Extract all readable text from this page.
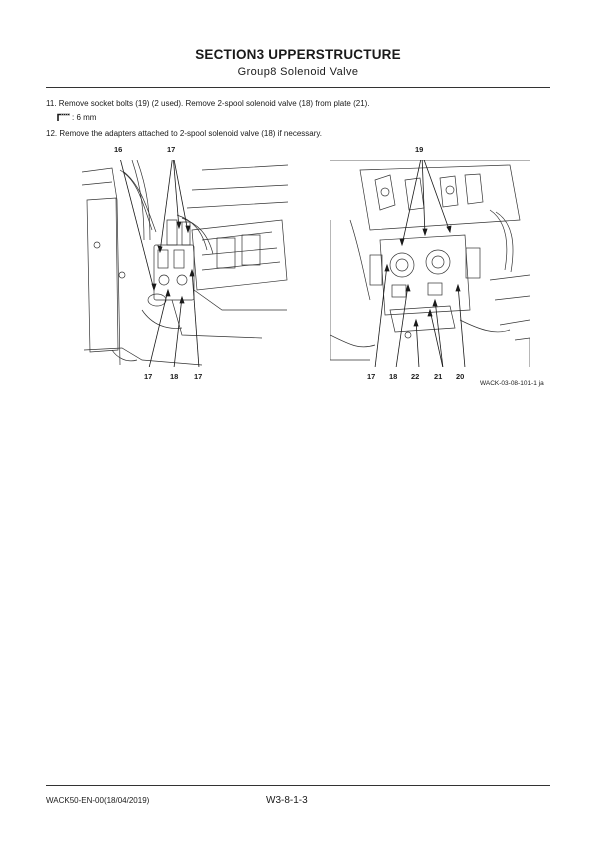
SECTION3 UPPERSTRUCTURE
Group8 Solenoid Valve
11. Remove socket bolts (19) (2 used). Remove 2-spool solenoid valve (18) from plate (21).
: 6 mm
12. Remove the adapters attached to 2-spool solenoid valve (18) if necessary.
16	17
17 18 17
19
17 18 22 21 20
WACK-03-08-101-1 ja
WACK50-EN-00(18/04/2019)	W3-8-1-3
